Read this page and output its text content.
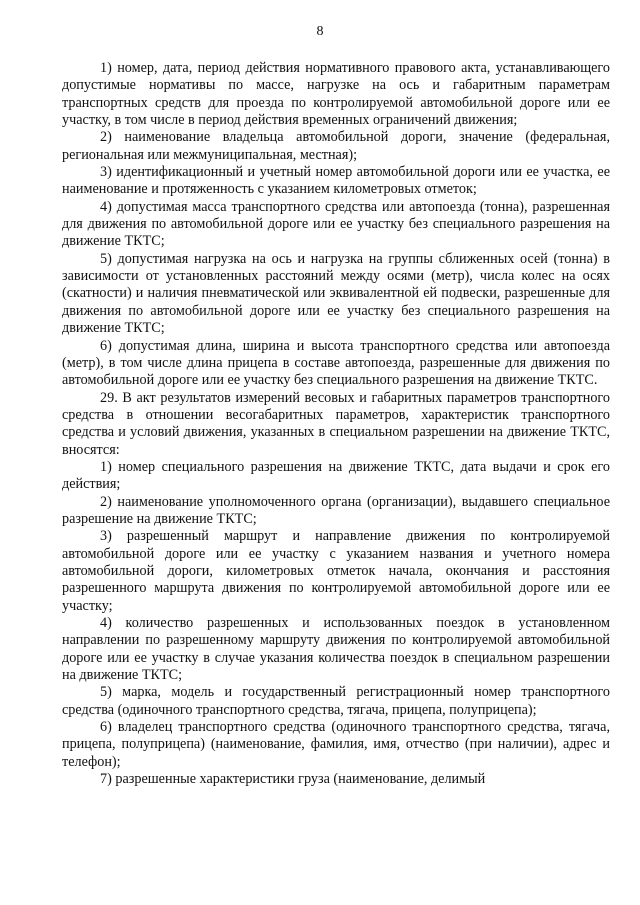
8

1) номер, дата, период действия нормативного правового акта, устанавливающего допустимые нормативы по массе, нагрузке на ось и габаритным параметрам транспортных средств для проезда по контролируемой автомобильной дороге или ее участку, в том числе в период действия временных ограничений движения;

2) наименование владельца автомобильной дороги, значение (федеральная, региональная или межмуниципальная, местная);

3) идентификационный и учетный номер автомобильной дороги или ее участка, ее наименование и протяженность с указанием километровых отметок;

4) допустимая масса транспортного средства или автопоезда (тонна), разрешенная для движения по автомобильной дороге или ее участку без специального разрешения на движение ТКТС;

5) допустимая нагрузка на ось и нагрузка на группы сближенных осей (тонна) в зависимости от установленных расстояний между осями (метр), числа колес на осях (скатности) и наличия пневматической или эквивалентной ей подвески, разрешенные для движения по автомобильной дороге или ее участку без специального разрешения на движение ТКТС;

6) допустимая длина, ширина и высота транспортного средства или автопоезда (метр), в том числе длина прицепа в составе автопоезда, разрешенные для движения по автомобильной дороге или ее участку без специального разрешения на движение ТКТС.

29. В акт результатов измерений весовых и габаритных параметров транспортного средства в отношении весогабаритных параметров, характеристик транспортного средства и условий движения, указанных в специальном разрешении на движение ТКТС, вносятся:

1) номер специального разрешения на движение ТКТС, дата выдачи и срок его действия;

2) наименование уполномоченного органа (организации), выдавшего специальное разрешение на движение ТКТС;

3) разрешенный маршрут и направление движения по контролируемой автомобильной дороге или ее участку с указанием названия и учетного номера автомобильной дороги, километровых отметок начала, окончания и расстояния разрешенного маршрута движения по контролируемой автомобильной дороге или ее участку;

4) количество разрешенных и использованных поездок в установленном направлении по разрешенному маршруту движения по контролируемой автомобильной дороге или ее участку в случае указания количества поездок в специальном разрешении на движение ТКТС;

5) марка, модель и государственный регистрационный номер транспортного средства (одиночного транспортного средства, тягача, прицепа, полуприцепа);

6) владелец транспортного средства (одиночного транспортного средства, тягача, прицепа, полуприцепа) (наименование, фамилия, имя, отчество (при наличии), адрес и телефон);

7) разрешенные характеристики груза (наименование, делимый
